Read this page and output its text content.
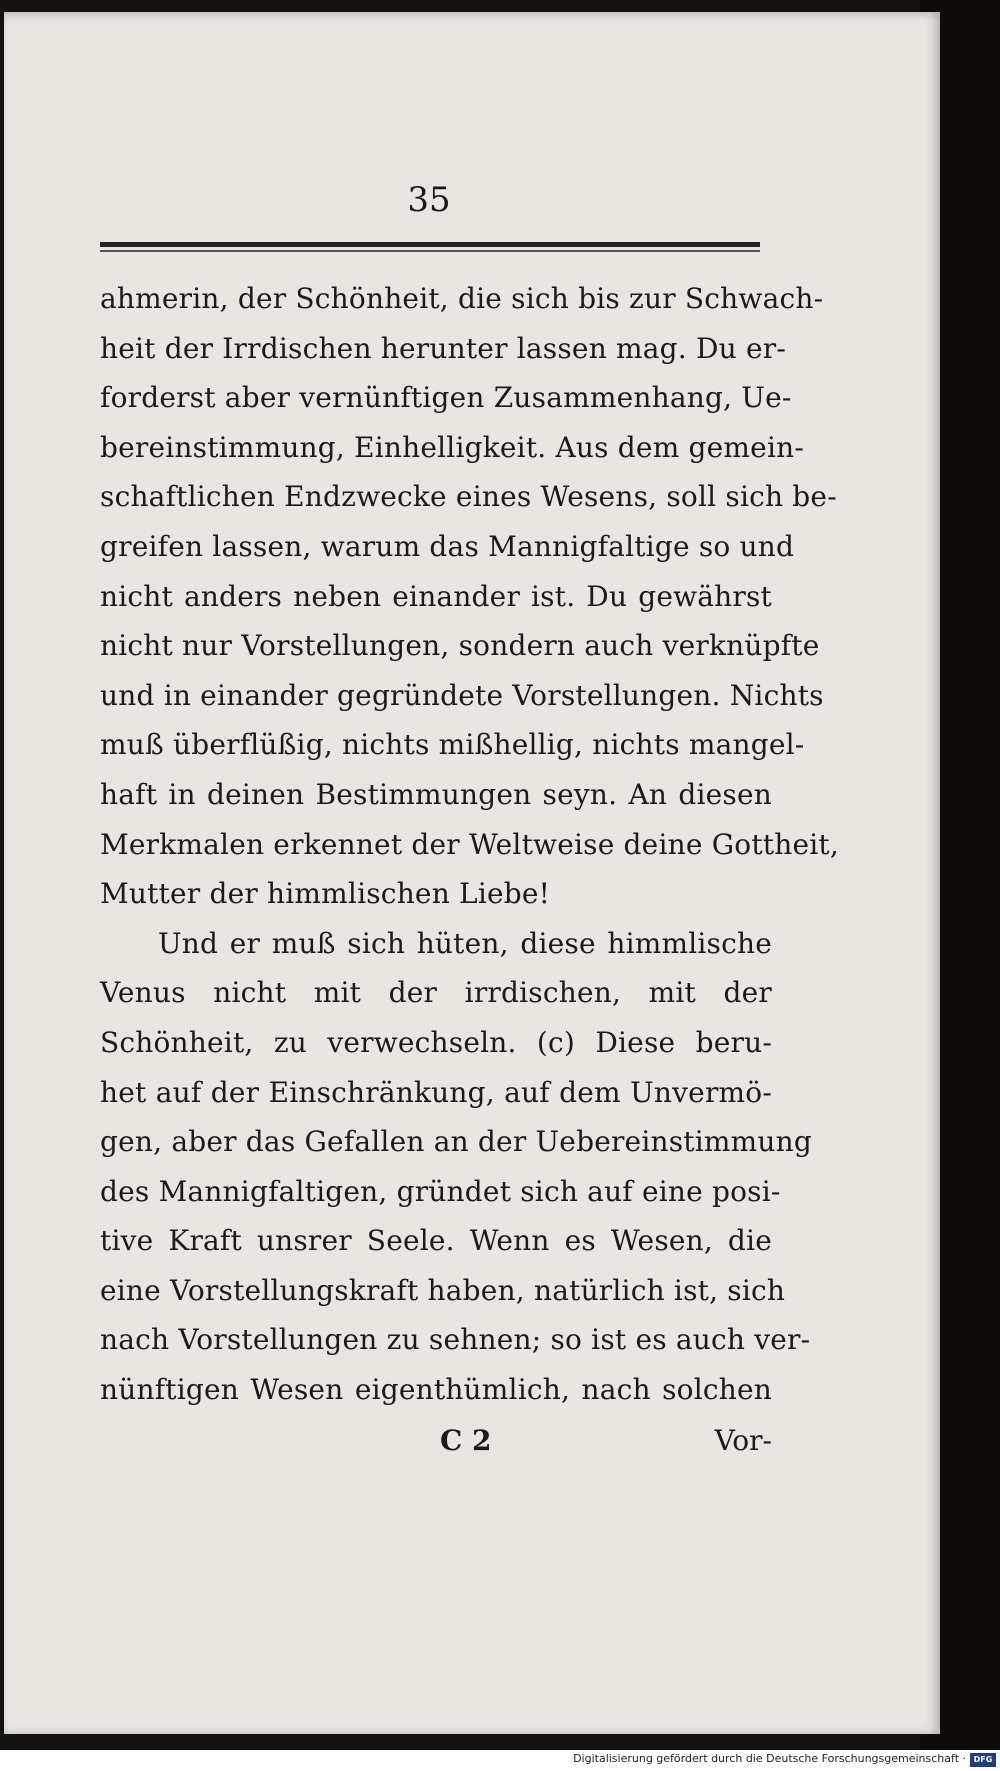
35
ahmerin, der Schönheit, die sich bis zur Schwach-
heit der Irrdischen herunter lassen mag. Du er-
forderst aber vernünftigen Zusammenhang, Ue-
bereinstimmung, Einhelligkeit. Aus dem gemein-
schaftlichen Endzwecke eines Wesens, soll sich be-
greifen lassen, warum das Mannigfaltige so und
nicht anders neben einander ist. Du gewährst
nicht nur Vorstellungen, sondern auch verknüpfte
und in einander gegründete Vorstellungen. Nichts
muß überflüßig, nichts mißhellig, nichts mangel-
haft in deinen Bestimmungen seyn. An diesen
Merkmalen erkennet der Weltweise deine Gottheit,
Mutter der himmlischen Liebe!
Und er muß sich hüten, diese himmlische
Venus nicht mit der irrdischen, mit der
Schönheit, zu verwechseln. (c) Diese beru-
het auf der Einschränkung, auf dem Unvermö-
gen, aber das Gefallen an der Uebereinstimmung
des Mannigfaltigen, gründet sich auf eine posi-
tive Kraft unsrer Seele. Wenn es Wesen, die
eine Vorstellungskraft haben, natürlich ist, sich
nach Vorstellungen zu sehnen; so ist es auch ver-
nünftigen Wesen eigenthümlich, nach solchen
C 2	Vor-
Digitalisierung gefördert durch die Deutsche Forschungsgemeinschaft · DFG
